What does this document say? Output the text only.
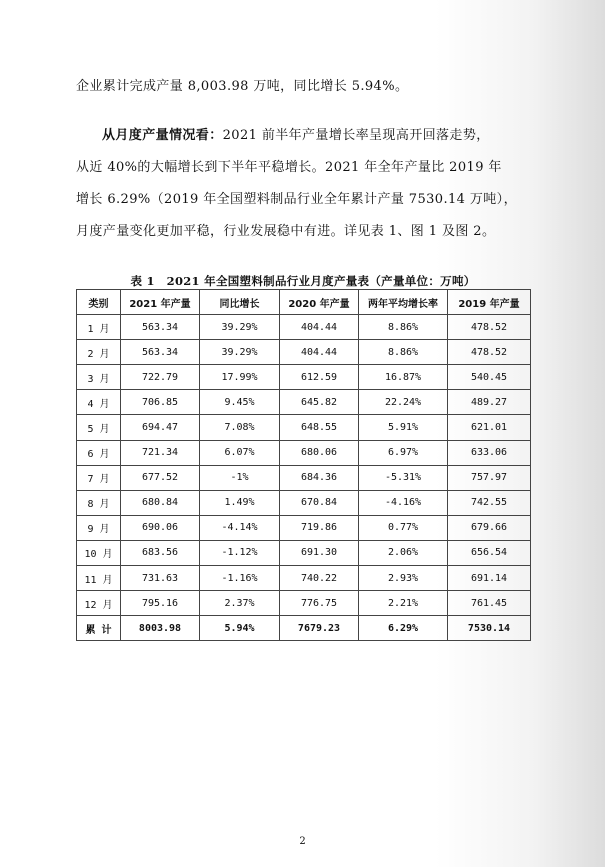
企业累计完成产量 8,003.98 万吨，同比增长 5.94%。
从月度产量情况看：2021 前半年产量增长率呈现高开回落走势，
从近 40%的大幅增长到下半年平稳增长。2021 年全年产量比 2019 年
增长 6.29%（2019 年全国塑料制品行业全年累计产量 7530.14 万吨），
月度产量变化更加平稳，行业发展稳中有进。详见表 1、图 1 及图 2。
表 1　2021 年全国塑料制品行业月度产量表（产量单位：万吨）
类别	2021 年产量	同比增长	2020 年产量	两年平均增长率	2019 年产量
1 月	563.34	39.29%	404.44	8.86%	478.52
2 月	563.34	39.29%	404.44	8.86%	478.52
3 月	722.79	17.99%	612.59	16.87%	540.45
4 月	706.85	9.45%	645.82	22.24%	489.27
5 月	694.47	7.08%	648.55	5.91%	621.01
6 月	721.34	6.07%	680.06	6.97%	633.06
7 月	677.52	-1%	684.36	-5.31%	757.97
8 月	680.84	1.49%	670.84	-4.16%	742.55
9 月	690.06	-4.14%	719.86	0.77%	679.66
10 月	683.56	-1.12%	691.30	2.06%	656.54
11 月	731.63	-1.16%	740.22	2.93%	691.14
12 月	795.16	2.37%	776.75	2.21%	761.45
累 计	8003.98	5.94%	7679.23	6.29%	7530.14
2
